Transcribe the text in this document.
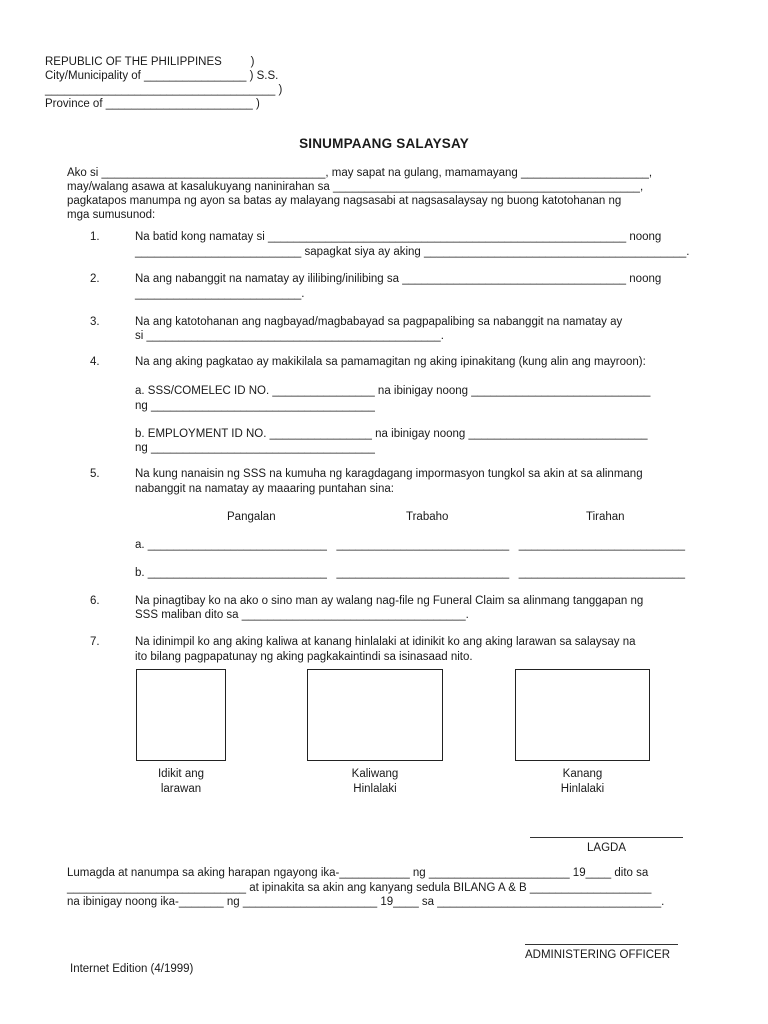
REPUBLIC OF THE PHILIPPINES         )
City/Municipality of ________________ ) S.S.
____________________________________ )
Province of _______________________ )
SINUMPAANG SALAYSAY
Ako si ___________________________________, may sapat na gulang, mamamayang ____________________,
may/walang asawa at kasalukuyang naninirahan sa ________________________________________________,
pagkatapos manumpa ng ayon sa batas ay malayang nagsasabi at nagsasalaysay ng buong katotohanan ng
mga sumusunod:
1.	Na batid kong namatay si ________________________________________________________ noong
__________________________ sapagkat siya ay aking _________________________________________.
2.	Na ang nabanggit na namatay ay ililibing/inilibing sa ___________________________________ noong
__________________________.
3.	Na ang katotohanan ang nagbayad/magbabayad sa pagpapalibing sa nabanggit na namatay ay
si ______________________________________________.
4.	Na ang aking pagkatao ay makikilala sa pamamagitan ng aking ipinakitang (kung alin ang mayroon):
a. SSS/COMELEC ID NO. ________________ na ibinigay noong ____________________________
ng ___________________________________
b. EMPLOYMENT ID NO. ________________ na ibinigay noong ____________________________
ng ___________________________________
5.	Na kung nanaisin ng SSS na kumuha ng karagdagang impormasyon tungkol sa akin at sa alinmang
nabanggit na namatay ay maaaring puntahan sina:
Pangalan	Trabaho	Tirahan
a. ____________________________   ___________________________   __________________________
b. ____________________________   ___________________________   __________________________
6.	Na pinagtibay ko na ako o sino man ay walang nag-file ng Funeral Claim sa alinmang tanggapan ng
SSS maliban dito sa ___________________________________.
7.	Na idinimpil ko ang aking kaliwa at kanang hinlalaki at idinikit ko ang aking larawan sa salaysay na
ito bilang pagpapatunay ng aking pagkakaintindi sa isinasaad nito.
Idikit ang
larawan
Kaliwang
Hinlalaki
Kanang
Hinlalaki
LAGDA
Lumagda at nanumpa sa aking harapan ngayong ika-___________ ng ______________________ 19____ dito sa
____________________________ at ipinakita sa akin ang kanyang sedula BILANG A & B ___________________
na ibinigay noong ika-_______ ng _____________________ 19____ sa ___________________________________.
ADMINISTERING OFFICER
Internet Edition (4/1999)
